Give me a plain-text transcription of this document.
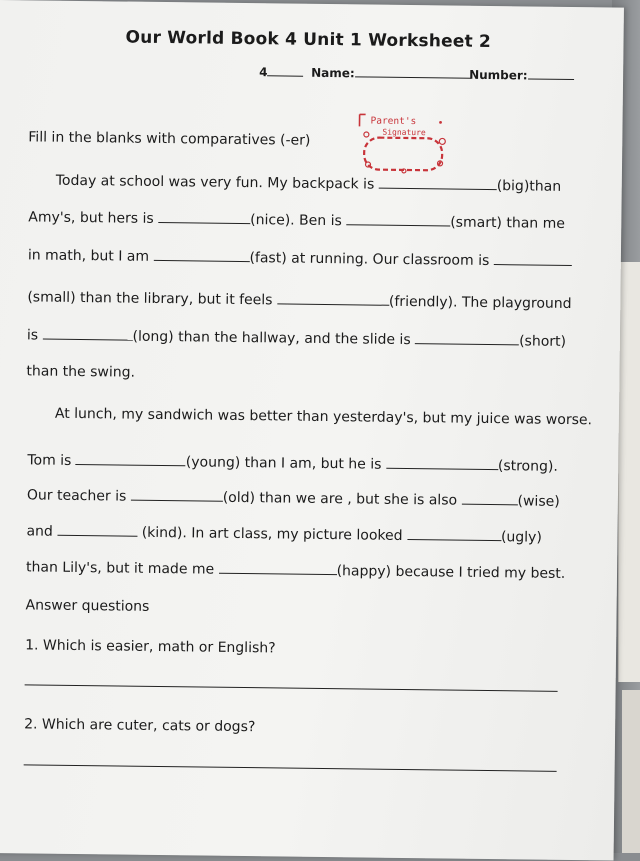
Our World Book 4 Unit 1 Worksheet 2
4	Name:	Number:
Parent's
Signature
Fill in the blanks with comparatives (-er)
Today at school was very fun. My backpack is	(big)than
Amy's, but hers is	(nice). Ben is	(smart) than me
in math, but I am	(fast) at running. Our classroom is
(small) than the library, but it feels	(friendly). The playground
is	(long) than the hallway, and the slide is	(short)
than the swing.
At lunch, my sandwich was better than yesterday's, but my juice was worse.
Tom is	(young) than I am, but he is	(strong).
Our teacher is	(old) than we are , but she is also	(wise)
and	(kind). In art class, my picture looked	(ugly)
than Lily's, but it made me	(happy) because I tried my best.
Answer questions
1. Which is easier, math or English?
2. Which are cuter, cats or dogs?
